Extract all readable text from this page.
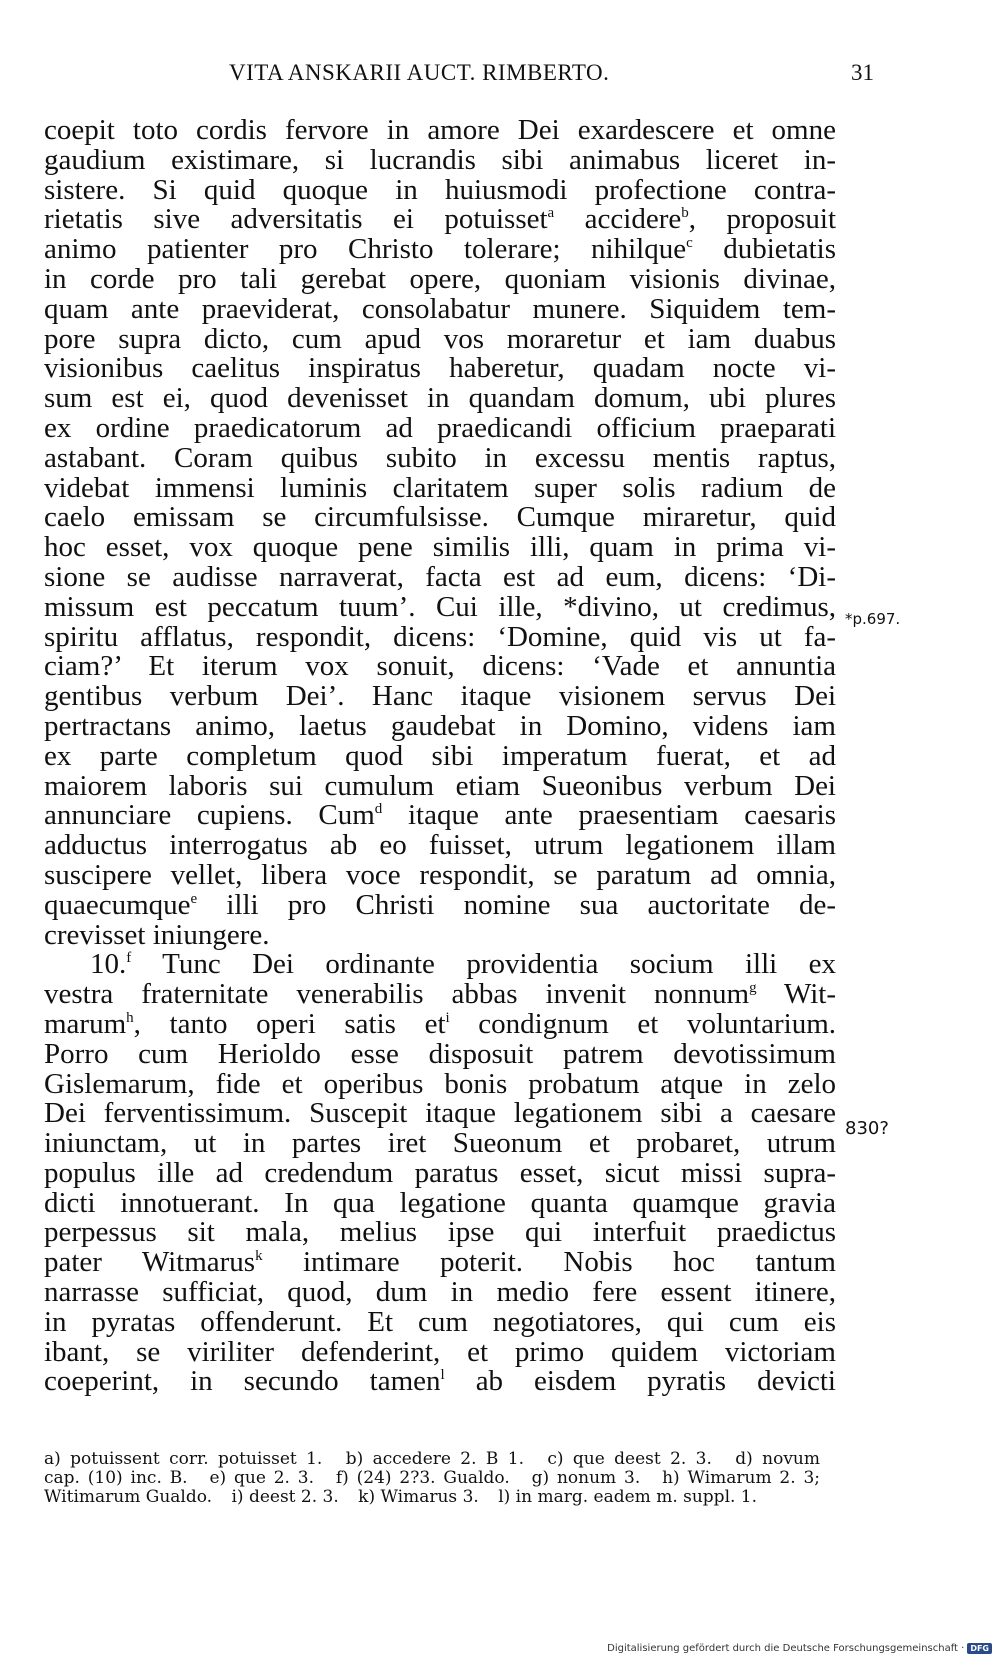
VITA ANSKARII AUCT. RIMBERTO.	31
coepit toto cordis fervore in amore Dei exardescere et omne
gaudium existimare, si lucrandis sibi animabus liceret in-
sistere. Si quid quoque in huiusmodi profectione contra-
rietatis sive adversitatis ei potuisset$^a$ accidere$^b$, proposuit
animo patienter pro Christo tolerare; nihilque$^c$ dubietatis
in corde pro tali gerebat opere, quoniam visionis divinae,
quam ante praeviderat, consolabatur munere. Siquidem tem-
pore supra dicto, cum apud vos moraretur et iam duabus
visionibus caelitus inspiratus haberetur, quadam nocte vi-
sum est ei, quod devenisset in quandam domum, ubi plures
ex ordine praedicatorum ad praedicandi officium praeparati
astabant. Coram quibus subito in excessu mentis raptus,
videbat immensi luminis claritatem super solis radium de
caelo emissam se circumfulsisse. Cumque miraretur, quid
hoc esset, vox quoque pene similis illi, quam in prima vi-
sione se audisse narraverat, facta est ad eum, dicens: ‘Di-
missum est peccatum tuum’. Cui ille, *divino, ut credimus,
spiritu afflatus, respondit, dicens: ‘Domine, quid vis ut fa-
ciam?’ Et iterum vox sonuit, dicens: ‘Vade et annuntia
gentibus verbum Dei’. Hanc itaque visionem servus Dei
pertractans animo, laetus gaudebat in Domino, videns iam
ex parte completum quod sibi imperatum fuerat, et ad
maiorem laboris sui cumulum etiam Sueonibus verbum Dei
annunciare cupiens. Cum$^d$ itaque ante praesentiam caesaris
adductus interrogatus ab eo fuisset, utrum legationem illam
suscipere vellet, libera voce respondit, se paratum ad omnia,
quaecumque$^e$ illi pro Christi nomine sua auctoritate de-
crevisset iniungere.
10.$^f$ Tunc Dei ordinante providentia socium illi ex
vestra fraternitate venerabilis abbas invenit nonnum$^g$ Wit-
marum$^h$, tanto operi satis $et^i$ condignum et voluntarium.
Porro cum Herioldo esse disposuit patrem devotissimum
Gislemarum, fide et operibus bonis probatum atque in zelo
Dei ferventissimum. Suscepit itaque legationem sibi a caesare
iniunctam, ut in partes iret Sueonum et probaret, utrum
populus ille ad credendum paratus esset, sicut missi supra-
dicti innotuerant. In qua legatione quanta quamque gravia
perpessus sit mala, melius ipse qui interfuit praedictus
pater Witmarus$^k$ intimare poterit. Nobis hoc tantum
narrasse sufficiat, quod, dum in medio fere essent itinere,
in pyratas offenderunt. Et cum negotiatores, qui cum eis
ibant, se viriliter defenderint, et primo quidem victoriam
coeperint, in secundo tamen$^l$ ab eisdem pyratis devicti
*p.697.
830?
a) potuissent corr. potuisset 1. b) accedere 2. B 1. c) que deest 2. 3. d) novum
cap. (10) inc. B. e) que 2. 3. f) (24) 2?3. Gualdo. g) nonum 3. h) Wimarum 2. 3;
Witimarum Gualdo. i) deest 2. 3. k) Wimarus 3. l) in marg. eadem m. suppl. 1.
Digitalisierung gefördert durch die Deutsche Forschungsgemeinschaft · DFG
